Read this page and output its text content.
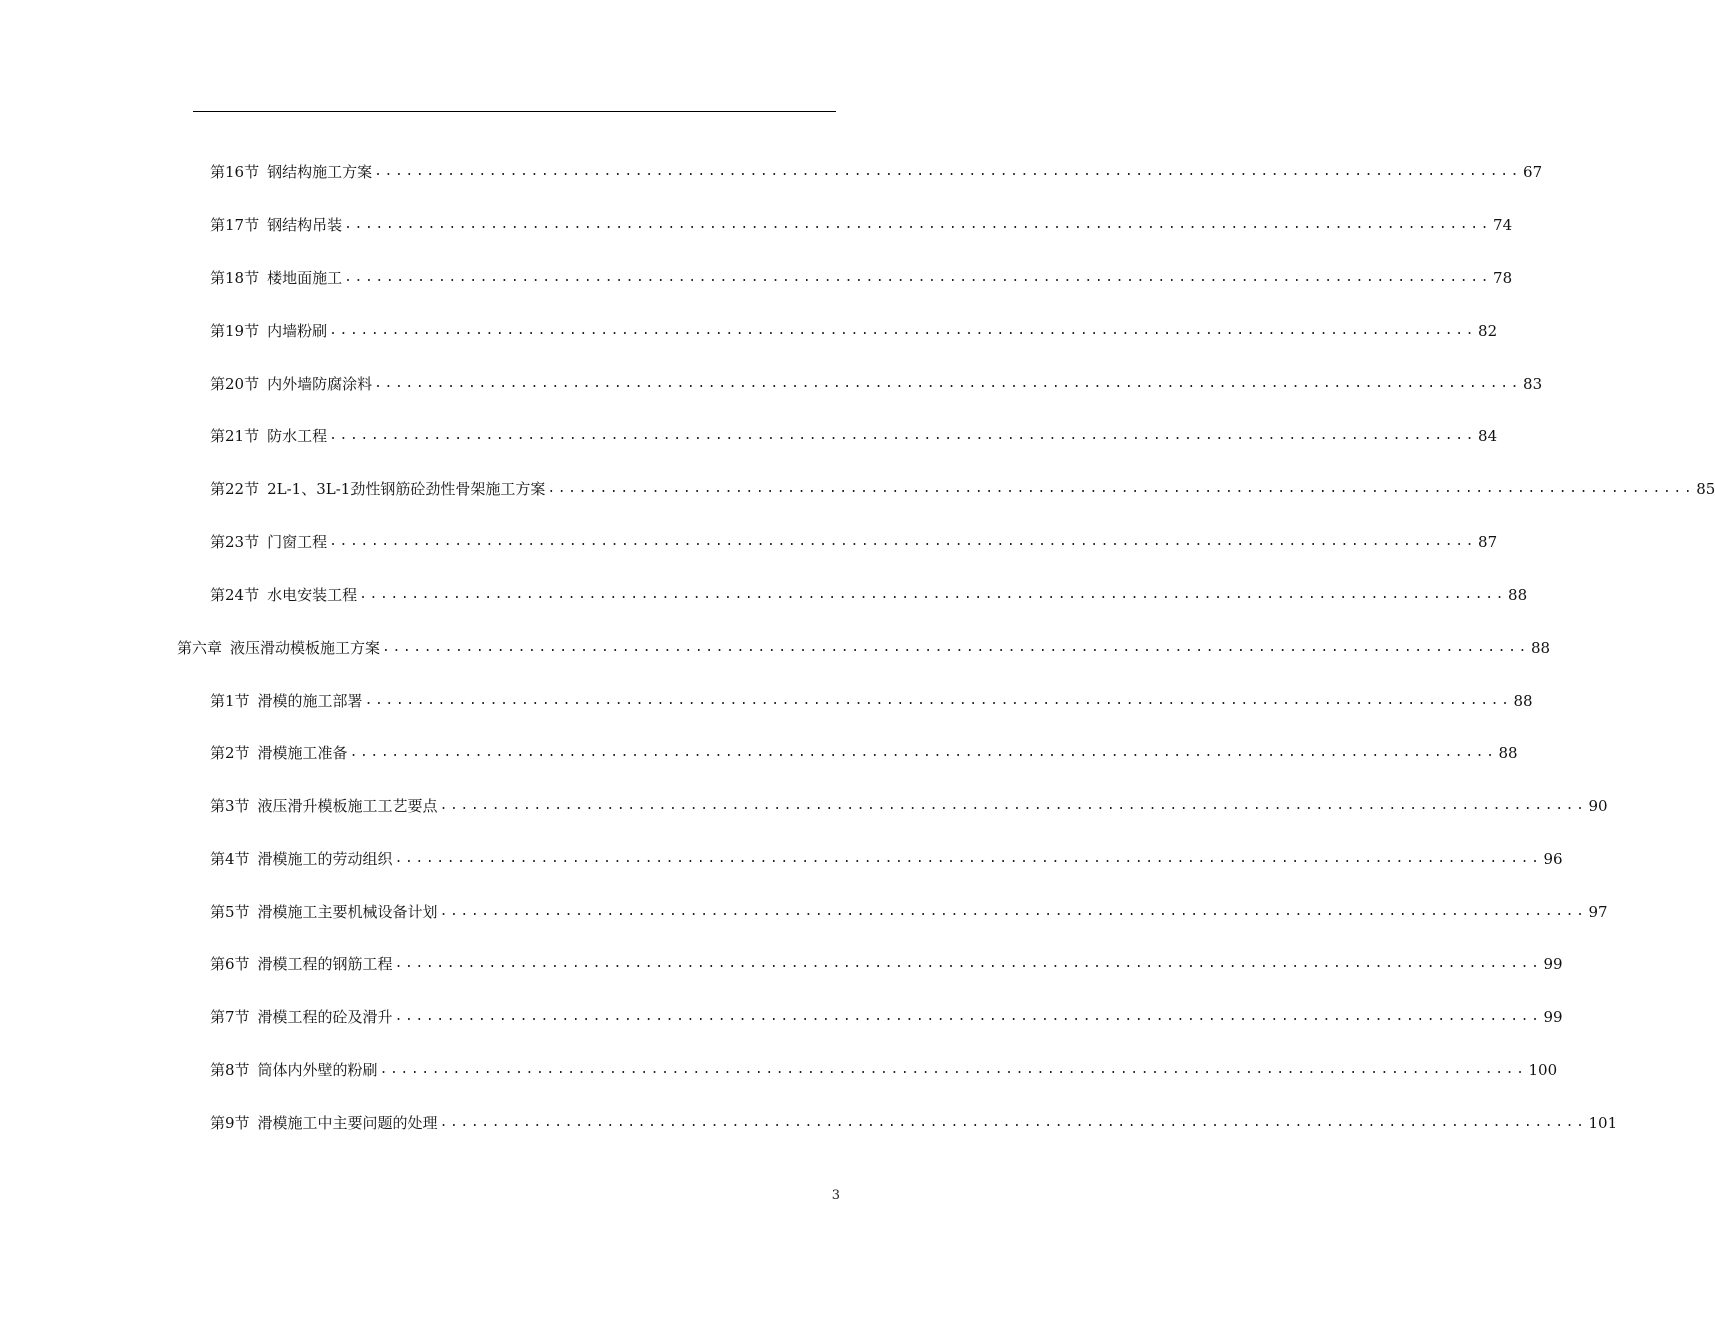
第16节 钢结构施工方案 .............................................................................................................. 67
第17节 钢结构吊装 .............................................................................................................. 74
第18节 楼地面施工 .............................................................................................................. 78
第19节 内墙粉刷 .............................................................................................................. 82
第20节 内外墙防腐涂料 .............................................................................................................. 83
第21节 防水工程 .............................................................................................................. 84
第22节 2L-1、3L-1劲性钢筋砼劲性骨架施工方案 .............................................................................................................. 85
第23节 门窗工程 .............................................................................................................. 87
第24节 水电安装工程 .............................................................................................................. 88
第六章 液压滑动模板施工方案 .............................................................................................................. 88
第1节 滑模的施工部署 .............................................................................................................. 88
第2节 滑模施工准备 .............................................................................................................. 88
第3节 液压滑升模板施工工艺要点 .............................................................................................................. 90
第4节 滑模施工的劳动组织 .............................................................................................................. 96
第5节 滑模施工主要机械设备计划 .............................................................................................................. 97
第6节 滑模工程的钢筋工程 .............................................................................................................. 99
第7节 滑模工程的砼及滑升 .............................................................................................................. 99
第8节 筒体内外壁的粉刷 .............................................................................................................. 100
第9节 滑模施工中主要问题的处理 .............................................................................................................. 101
3
